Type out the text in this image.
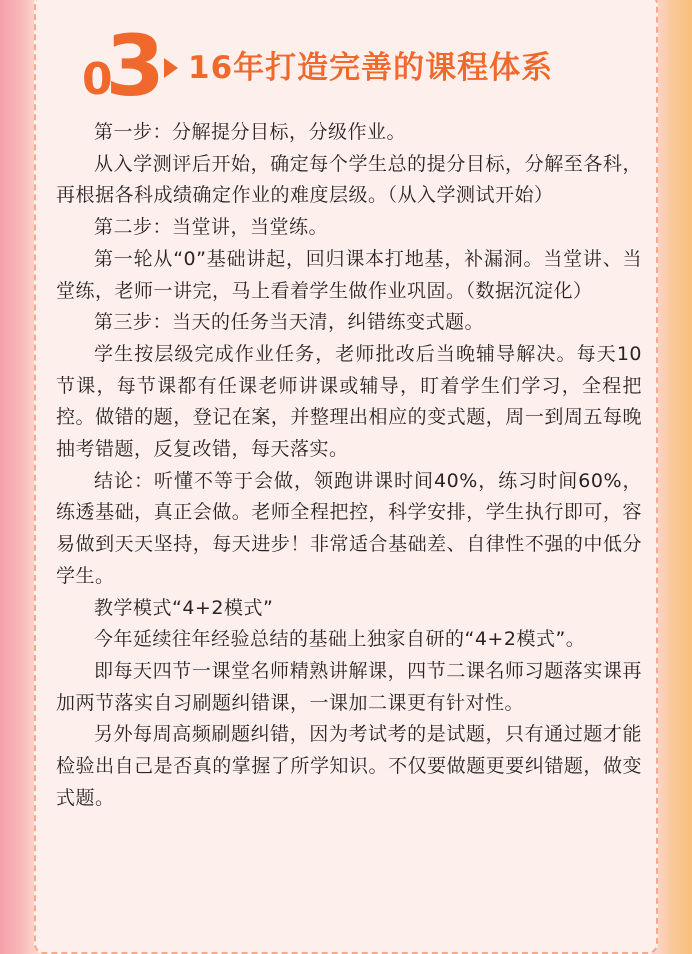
0
3 16年打造完善的课程体系

第一步：分解提分目标，分级作业。

从入学测评后开始，确定每个学生总的提分目标，分解至各科，再根据各科成绩确定作业的难度层级。（从入学测试开始）

第二步：当堂讲，当堂练。

第一轮从“0”基础讲起，回归课本打地基，补漏洞。当堂讲、当堂练，老师一讲完，马上看着学生做作业巩固。（数据沉淀化）

第三步：当天的任务当天清，纠错练变式题。

学生按层级完成作业任务，老师批改后当晚辅导解决。每天10节课，每节课都有任课老师讲课或辅导，盯着学生们学习，全程把控。做错的题，登记在案，并整理出相应的变式题，周一到周五每晚抽考错题，反复改错，每天落实。

结论：听懂不等于会做，领跑讲课时间40%，练习时间60%，练透基础，真正会做。老师全程把控，科学安排，学生执行即可，容易做到天天坚持，每天进步！非常适合基础差、自律性不强的中低分学生。

教学模式“4+2模式”

今年延续往年经验总结的基础上独家自研的“4+2模式”。

即每天四节一课堂名师精熟讲解课，四节二课名师习题落实课再加两节落实自习刷题纠错课，一课加二课更有针对性。

另外每周高频刷题纠错，因为考试考的是试题，只有通过题才能检验出自己是否真的掌握了所学知识。不仅要做题更要纠错题，做变式题。
